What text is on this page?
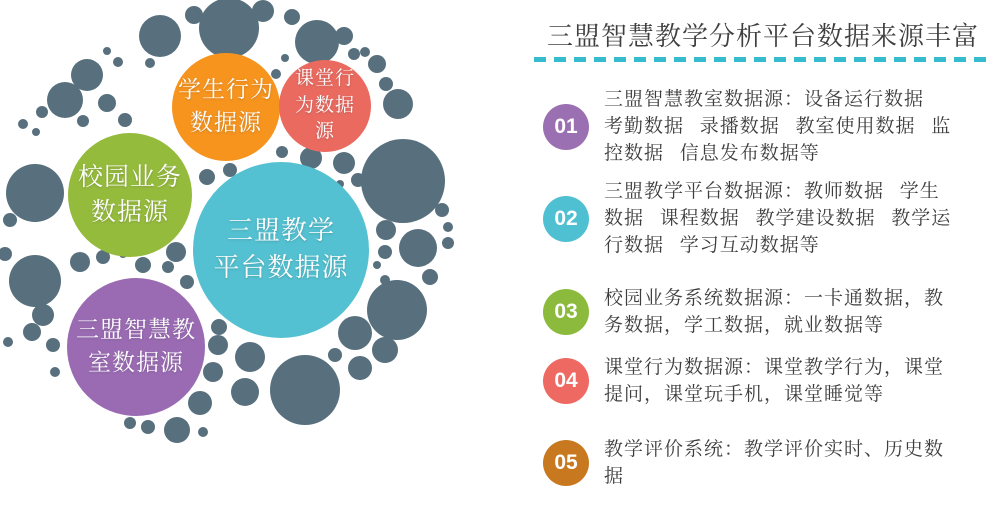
学生行为
数据源
课堂行
为数据
源
校园业务
数据源
三盟教学
平台数据源
三盟智慧教
室数据源
三盟智慧教学分析平台数据来源丰富
01

三盟智慧教室数据源：设备运行数据 考勤数据 录播数据 教室使用数据 监控数据 信息发布数据等

02

三盟教学平台数据源：教师数据 学生数据 课程数据 教学建设数据 教学运行数据 学习互动数据等

03

校园业务系统数据源：一卡通数据，教务数据，学工数据，就业数据等

04

课堂行为数据源：课堂教学行为，课堂提问，课堂玩手机，课堂睡觉等

05

教学评价系统：教学评价实时、历史数据
